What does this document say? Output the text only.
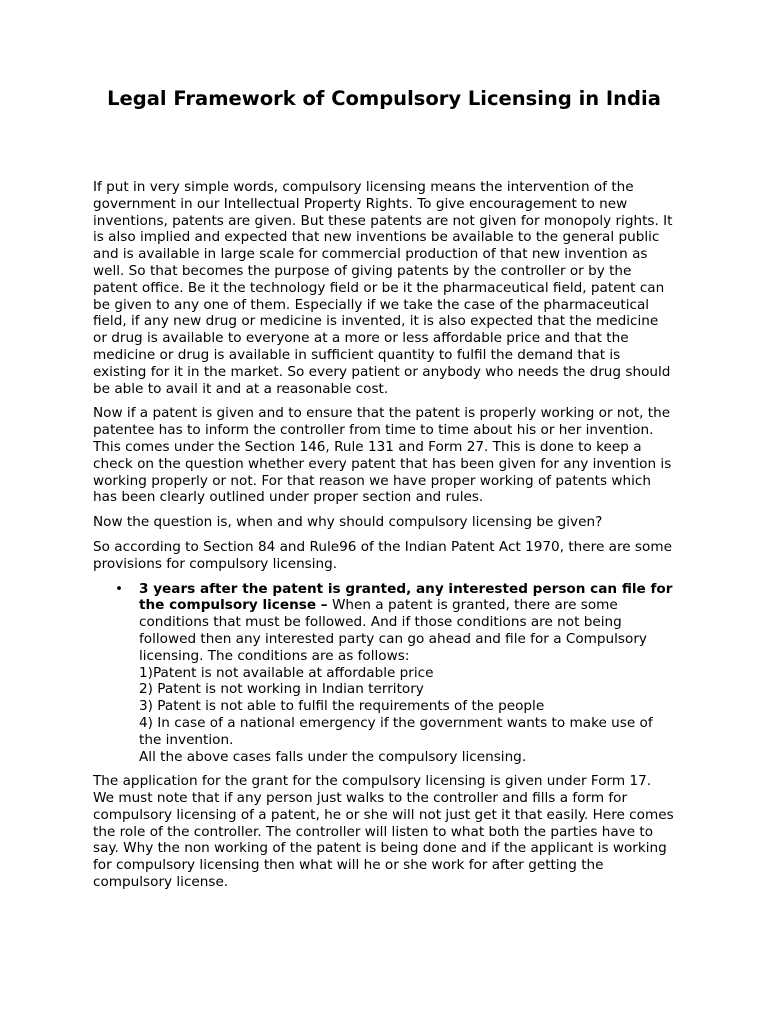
Legal Framework of Compulsory Licensing in India

If put in very simple words, compulsory licensing means the intervention of the government in our Intellectual Property Rights. To give encouragement to new inventions, patents are given. But these patents are not given for monopoly rights. It is also implied and expected that new inventions be available to the general public and is available in large scale for commercial production of that new invention as well. So that becomes the purpose of giving patents by the controller or by the patent office. Be it the technology field or be it the pharmaceutical field, patent can be given to any one of them. Especially if we take the case of the pharmaceutical field, if any new drug or medicine is invented, it is also expected that the medicine or drug is available to everyone at a more or less affordable price and that the medicine or drug is available in sufficient quantity to fulfil the demand that is existing for it in the market. So every patient or anybody who needs the drug should be able to avail it and at a reasonable cost.

Now if a patent is given and to ensure that the patent is properly working or not, the patentee has to inform the controller from time to time about his or her invention. This comes under the Section 146, Rule 131 and Form 27. This is done to keep a check on the question whether every patent that has been given for any invention is working properly or not. For that reason we have proper working of patents which has been clearly outlined under proper section and rules.

Now the question is, when and why should compulsory licensing be given?

So according to Section 84 and Rule96 of the Indian Patent Act 1970, there are some provisions for compulsory licensing.

• 3 years after the patent is granted, any interested person can file for the compulsory license – When a patent is granted, there are some conditions that must be followed. And if those conditions are not being followed then any interested party can go ahead and file for a Compulsory licensing. The conditions are as follows:
1)Patent is not available at affordable price
2) Patent is not working in Indian territory
3) Patent is not able to fulfil the requirements of the people
4) In case of a national emergency if the government wants to make use of the invention.
All the above cases falls under the compulsory licensing.

The application for the grant for the compulsory licensing is given under Form 17. We must note that if any person just walks to the controller and fills a form for compulsory licensing of a patent, he or she will not just get it that easily. Here comes the role of the controller. The controller will listen to what both the parties have to say. Why the non working of the patent is being done and if the applicant is working for compulsory licensing then what will he or she work for after getting the compulsory license.
